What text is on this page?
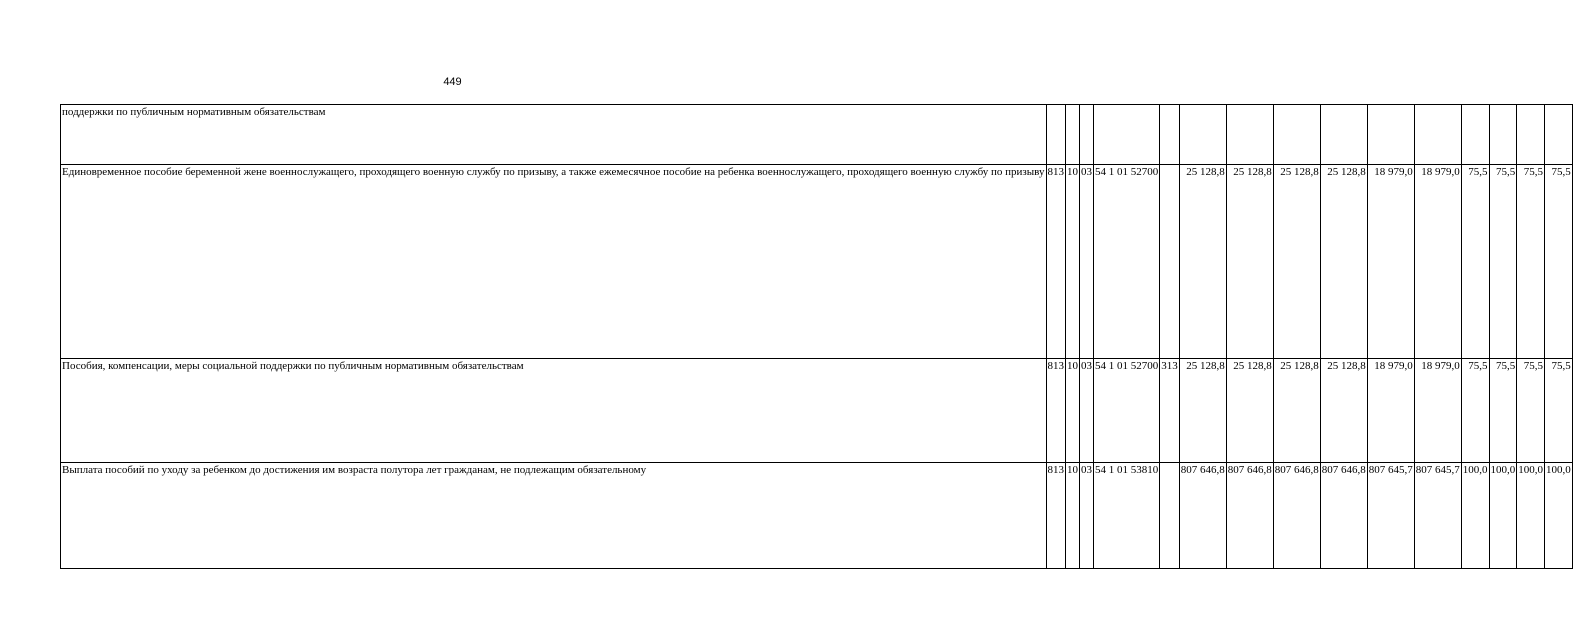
449
поддержки по публичным нормативным обязательствам															
Единовременное пособие беременной жене военнослужащего, проходящего военную службу по призыву, а также ежемесячное пособие на ребенка военнослужащего, проходящего военную службу по призыву	813	10	03	54 1 01 52700		25 128,8	25 128,8	25 128,8	25 128,8	18 979,0	18 979,0	75,5	75,5	75,5	75,5
Пособия, компенсации, меры социальной поддержки по публичным нормативным обязательствам	813	10	03	54 1 01 52700	313	25 128,8	25 128,8	25 128,8	25 128,8	18 979,0	18 979,0	75,5	75,5	75,5	75,5
Выплата пособий по уходу за ребенком до достижения им возраста полутора лет гражданам, не подлежащим обязательному	813	10	03	54 1 01 53810		807 646,8	807 646,8	807 646,8	807 646,8	807 645,7	807 645,7	100,0	100,0	100,0	100,0
